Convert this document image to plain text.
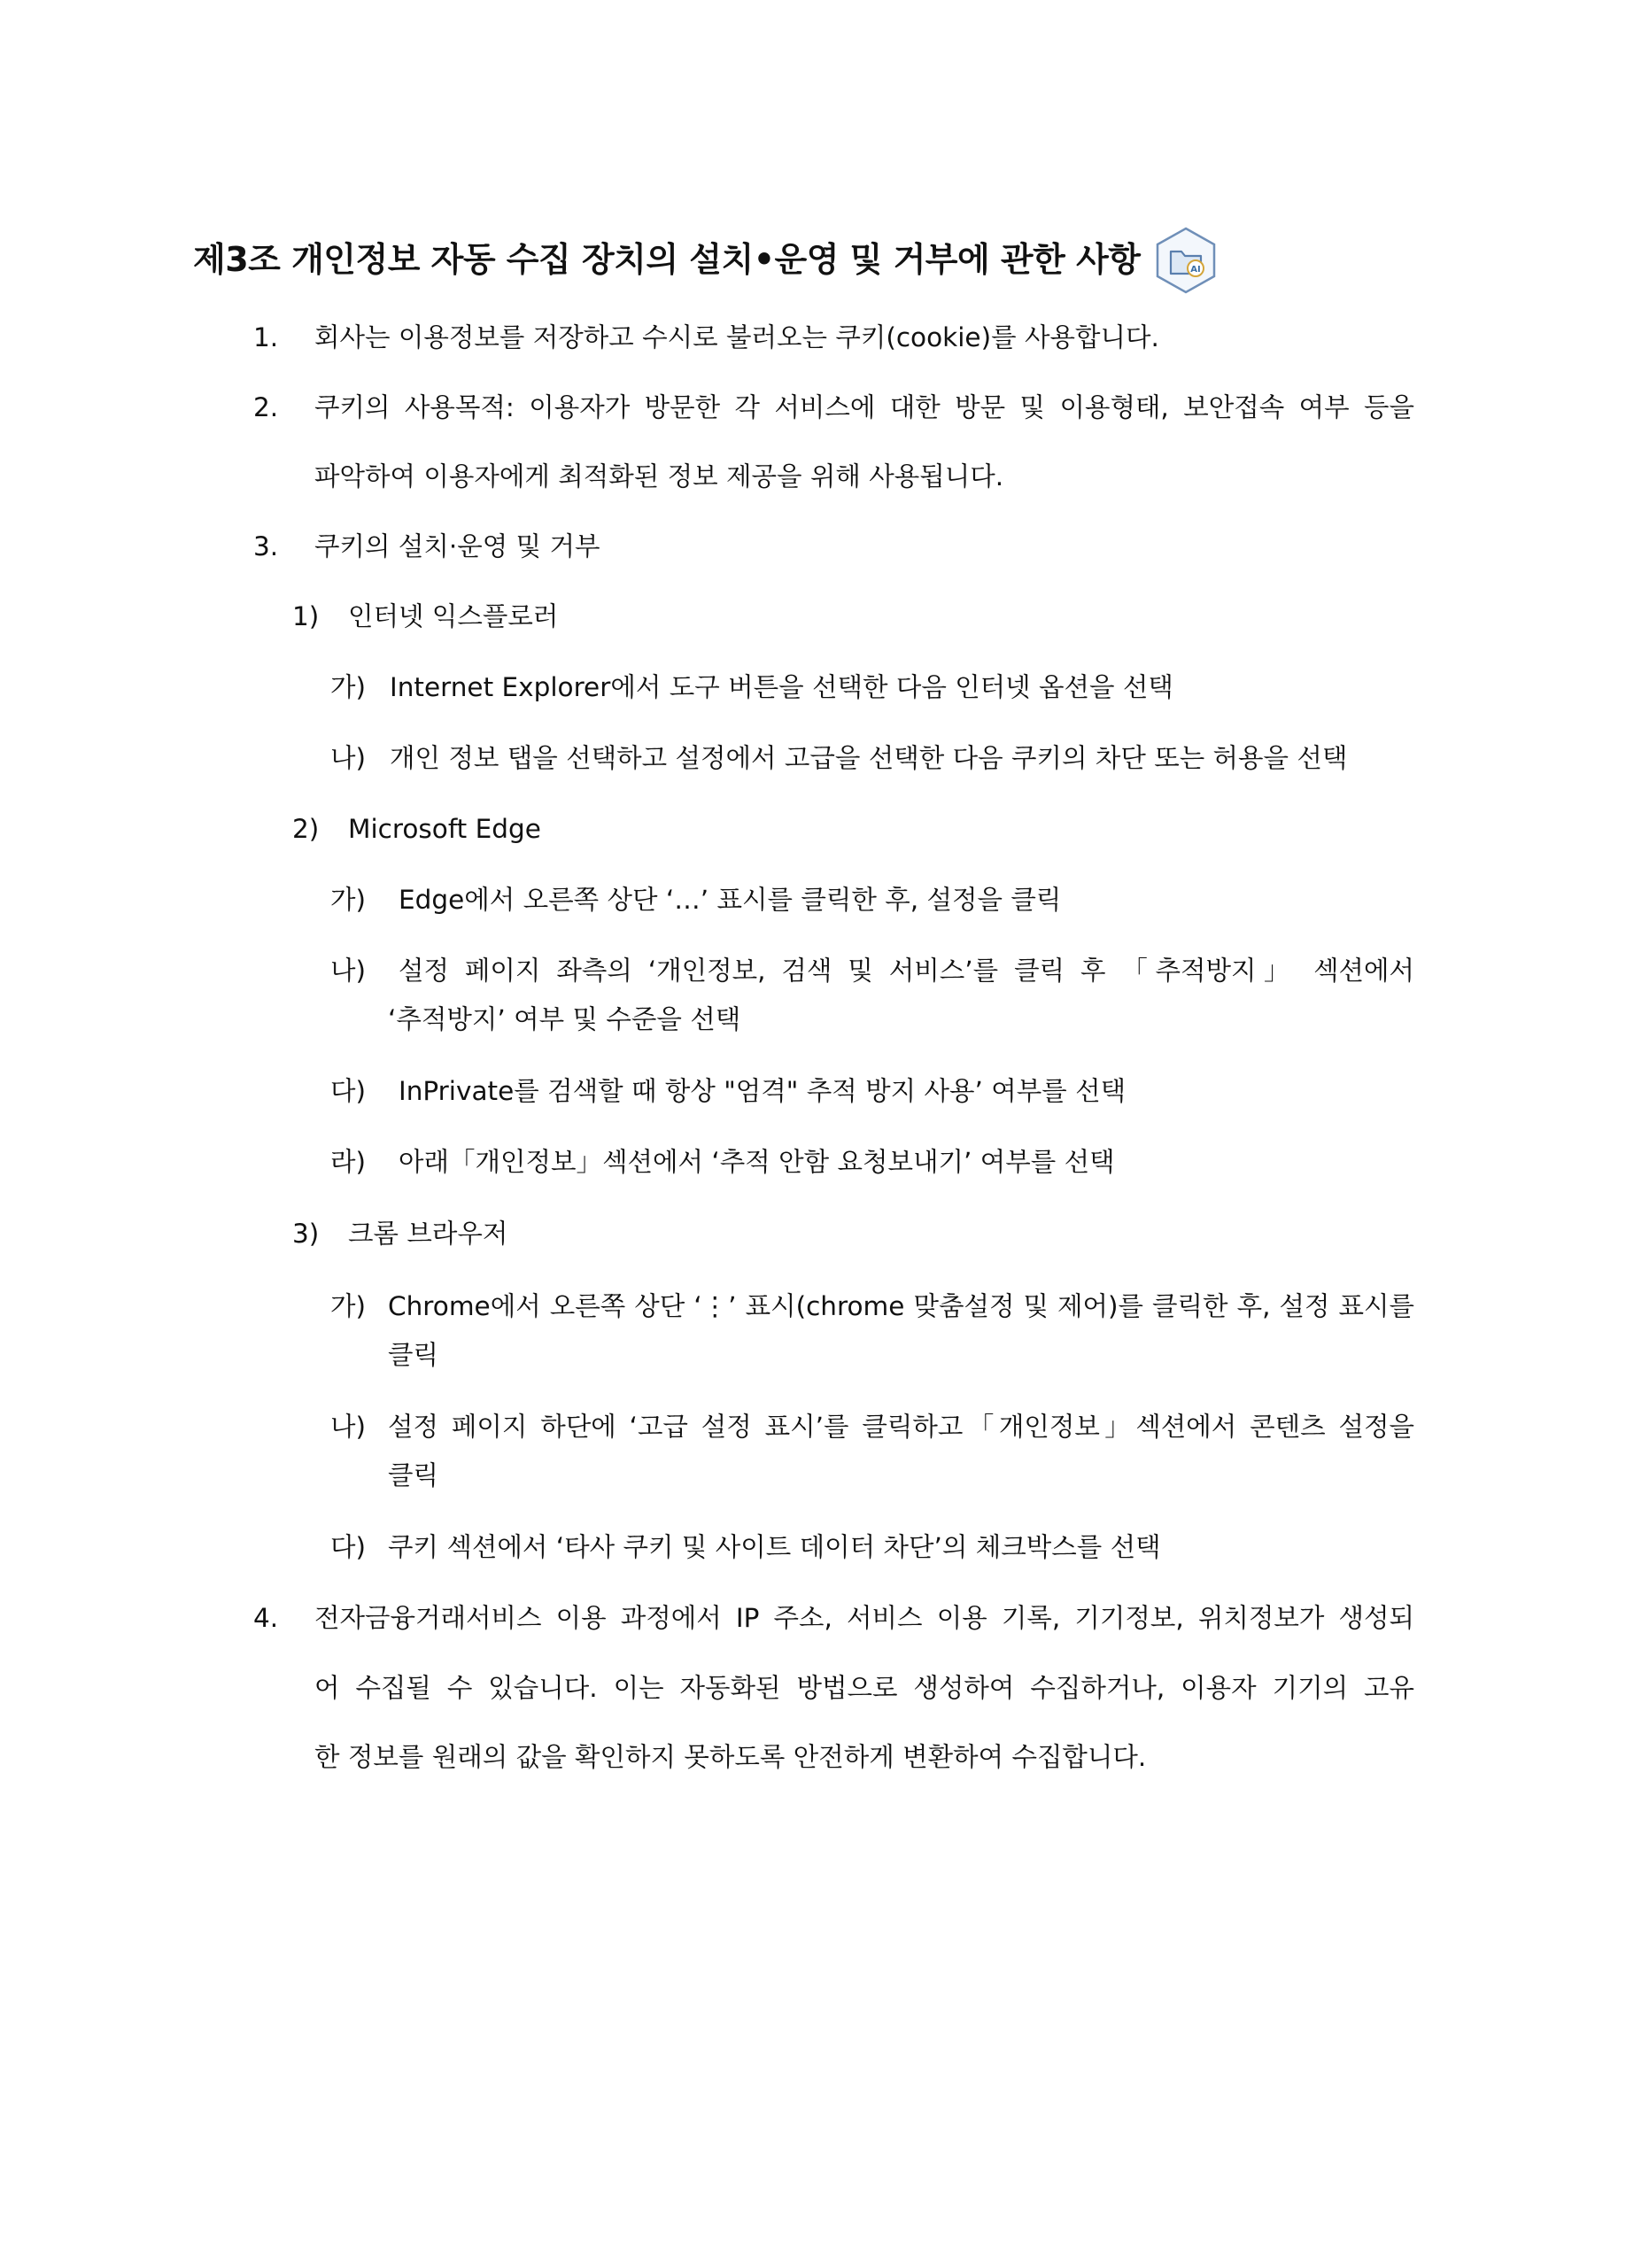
제3조 개인정보 자동 수집 장치의 설치•운영 및 거부에 관한 사항	AI
1. 회사는 이용정보를 저장하고 수시로 불러오는 쿠키(cookie)를 사용합니다.
2. 쿠키의 사용목적: 이용자가 방문한 각 서비스에 대한 방문 및 이용형태, 보안접속 여부 등을
파악하여 이용자에게 최적화된 정보 제공을 위해 사용됩니다.
3. 쿠키의 설치·운영 및 거부
1) 인터넷 익스플로러
가) Internet Explorer에서 도구 버튼을 선택한 다음 인터넷 옵션을 선택
나) 개인 정보 탭을 선택하고 설정에서 고급을 선택한 다음 쿠키의 차단 또는 허용을 선택
2) Microsoft Edge
가) Edge에서 오른쪽 상단 ‘…’ 표시를 클릭한 후, 설정을 클릭
나) 설정 페이지 좌측의 ‘개인정보, 검색 및 서비스’를 클릭 후 「추적방지」 섹션에서
‘추적방지’ 여부 및 수준을 선택
다) InPrivate를 검색할 때 항상 "엄격" 추적 방지 사용’ 여부를 선택
라) 아래「개인정보」섹션에서 ‘추적 안함 요청보내기’ 여부를 선택
3) 크롬 브라우저
가) Chrome에서 오른쪽 상단 ‘⋮’ 표시(chrome 맞춤설정 및 제어)를 클릭한 후, 설정 표시를
클릭
나) 설정 페이지 하단에 ‘고급 설정 표시’를 클릭하고「개인정보」섹션에서 콘텐츠 설정을
클릭
다) 쿠키 섹션에서 ‘타사 쿠키 및 사이트 데이터 차단’의 체크박스를 선택
4. 전자금융거래서비스 이용 과정에서 IP 주소, 서비스 이용 기록, 기기정보, 위치정보가 생성되
어 수집될 수 있습니다. 이는 자동화된 방법으로 생성하여 수집하거나, 이용자 기기의 고유
한 정보를 원래의 값을 확인하지 못하도록 안전하게 변환하여 수집합니다.
